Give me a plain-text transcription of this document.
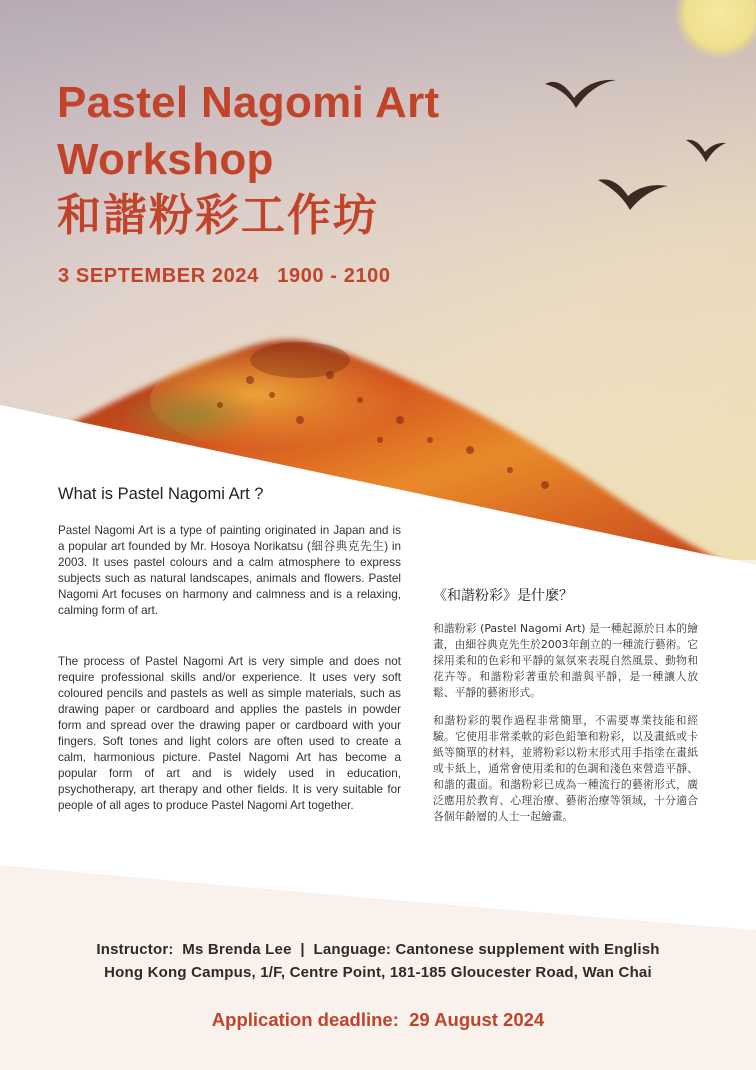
Pastel Nagomi Art
Workshop
和諧粉彩工作坊
3 SEPTEMBER 2024   1900 - 2100
What is Pastel Nagomi Art ?

Pastel Nagomi Art is a type of painting originated in Japan and is a popular art founded by Mr. Hosoya Norikatsu (細谷典克先生) in 2003. It uses pastel colours and a calm atmosphere to express subjects such as natural landscapes, animals and flowers. Pastel Nagomi Art focuses on harmony and calmness and is a relaxing, calming form of art.

The process of Pastel Nagomi Art is very simple and does not require professional skills and/or experience. It uses very soft coloured pencils and pastels as well as simple materials, such as drawing paper or cardboard and applies the pastels in powder form and spread over the drawing paper or cardboard with your fingers. Soft tones and light colors are often used to create a calm, harmonious picture. Pastel Nagomi Art has become a popular form of art and is widely used in education, psychotherapy, art therapy and other fields. It is very suitable for people of all ages to produce Pastel Nagomi Art together.

《和諧粉彩》是什麼？

和諧粉彩 (Pastel Nagomi Art) 是一種起源於日本的繪畫，由細谷典克先生於2003年創立的一種流行藝術。它採用柔和的色彩和平靜的氣氛來表現自然風景、動物和花卉等。和諧粉彩著重於和諧與平靜，是一種讓人放鬆、平靜的藝術形式。

和諧粉彩的製作過程非常簡單，不需要專業技能和經驗。它使用非常柔軟的彩色鉛筆和粉彩，以及畫紙或卡紙等簡單的材料，並將粉彩以粉末形式用手指塗在畫紙或卡紙上，通常會使用柔和的色調和淺色來營造平靜、和諧的畫面。和諧粉彩已成為一種流行的藝術形式，廣泛應用於教育、心理治療、藝術治療等領域，十分適合各個年齡層的人士一起繪畫。

Instructor:  Ms Brenda Lee  |  Language: Cantonese supplement with English
Hong Kong Campus, 1/F, Centre Point, 181-185 Gloucester Road, Wan Chai
Application deadline:  29 August 2024
